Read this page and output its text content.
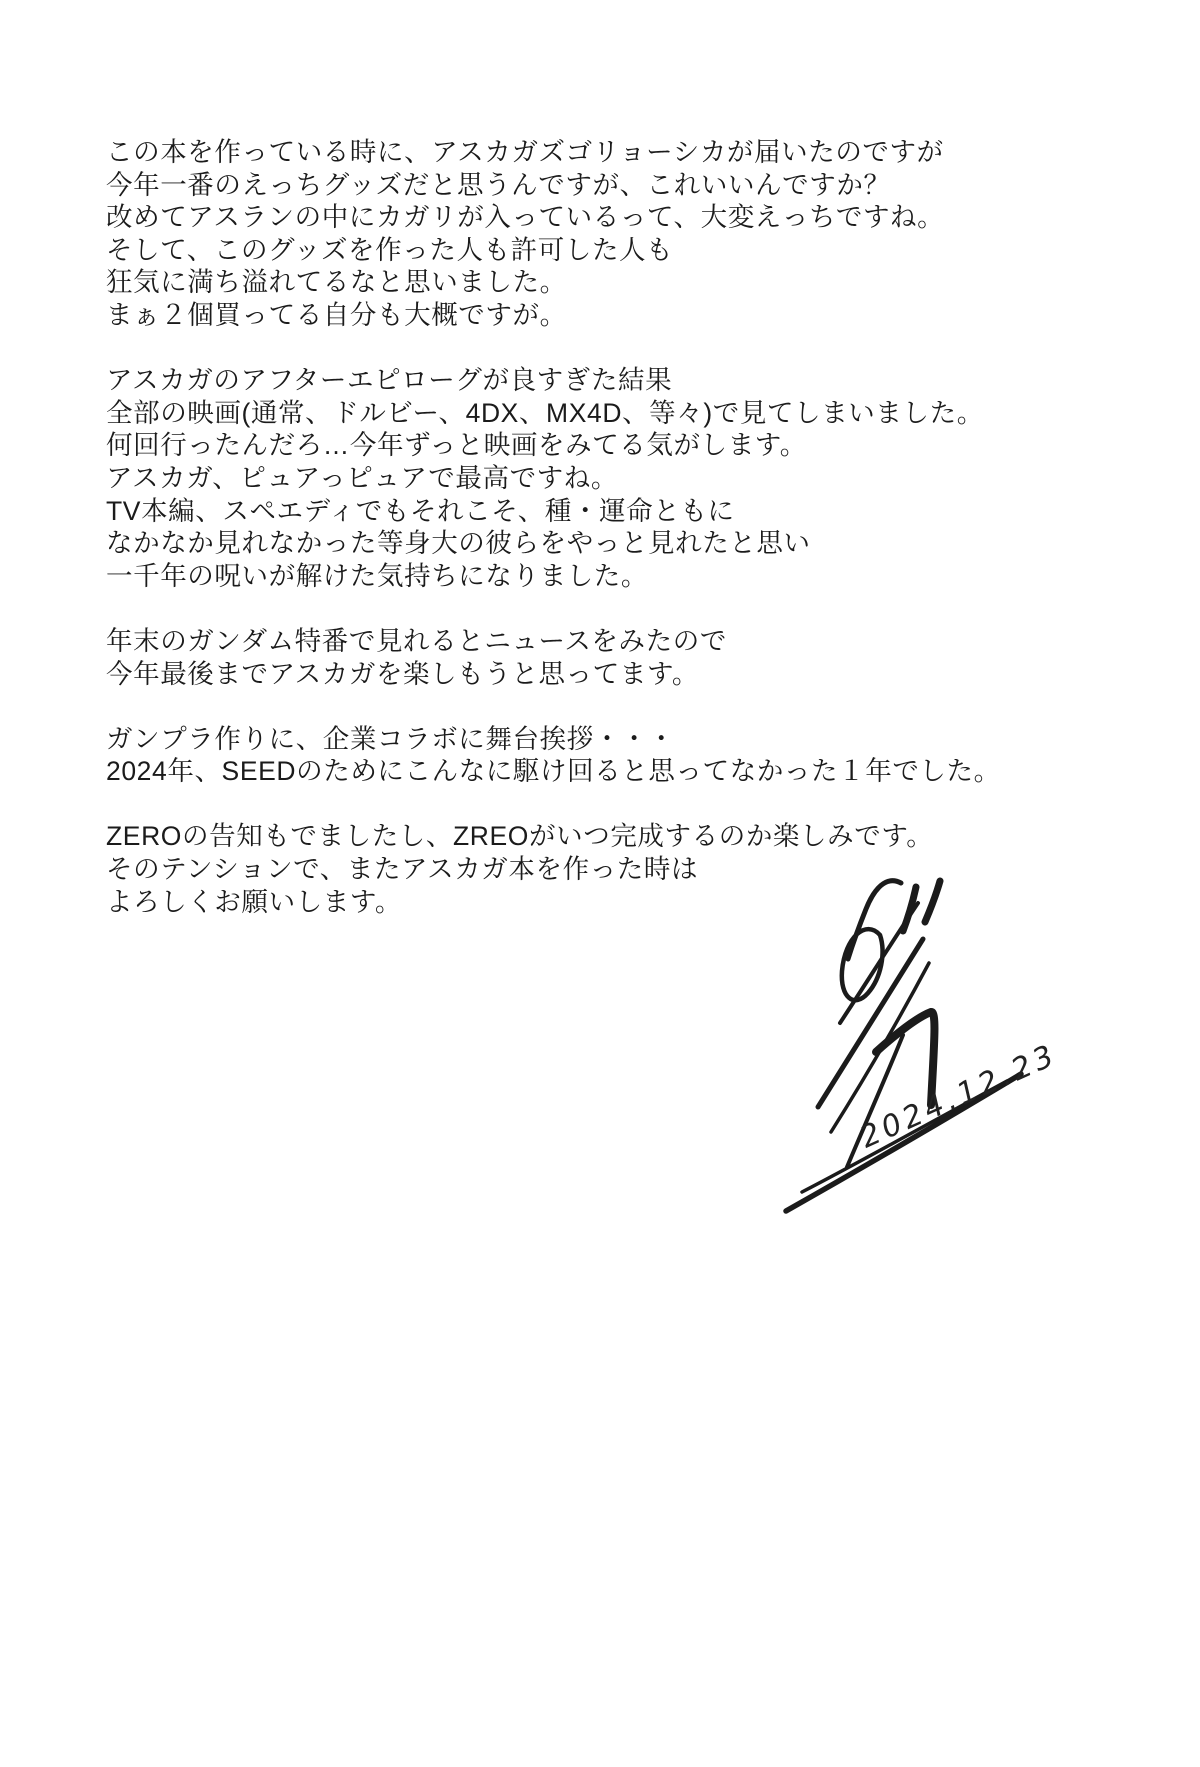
この本を作っている時に、アスカガズゴリョーシカが届いたのですが
今年一番のえっちグッズだと思うんですが、これいいんですか？
改めてアスランの中にカガリが入っているって、大変えっちですね。
そして、このグッズを作った人も許可した人も
狂気に満ち溢れてるなと思いました。
まぁ２個買ってる自分も大概ですが。
アスカガのアフターエピローグが良すぎた結果
全部の映画(通常、ドルビー、4DX、MX4D、等々)で見てしまいました。
何回行ったんだろ…今年ずっと映画をみてる気がします。
アスカガ、ピュアっピュアで最高ですね。
TV本編、スペエディでもそれこそ、種・運命ともに
なかなか見れなかった等身大の彼らをやっと見れたと思い
一千年の呪いが解けた気持ちになりました。
年末のガンダム特番で見れるとニュースをみたので
今年最後までアスカガを楽しもうと思ってます。
ガンプラ作りに、企業コラボに舞台挨拶・・・
2024年、SEEDのためにこんなに駆け回ると思ってなかった１年でした。
ZEROの告知もでましたし、ZREOがいつ完成するのか楽しみです。
そのテンションで、またアスカガ本を作った時は
よろしくお願いします。
2024.12.23
